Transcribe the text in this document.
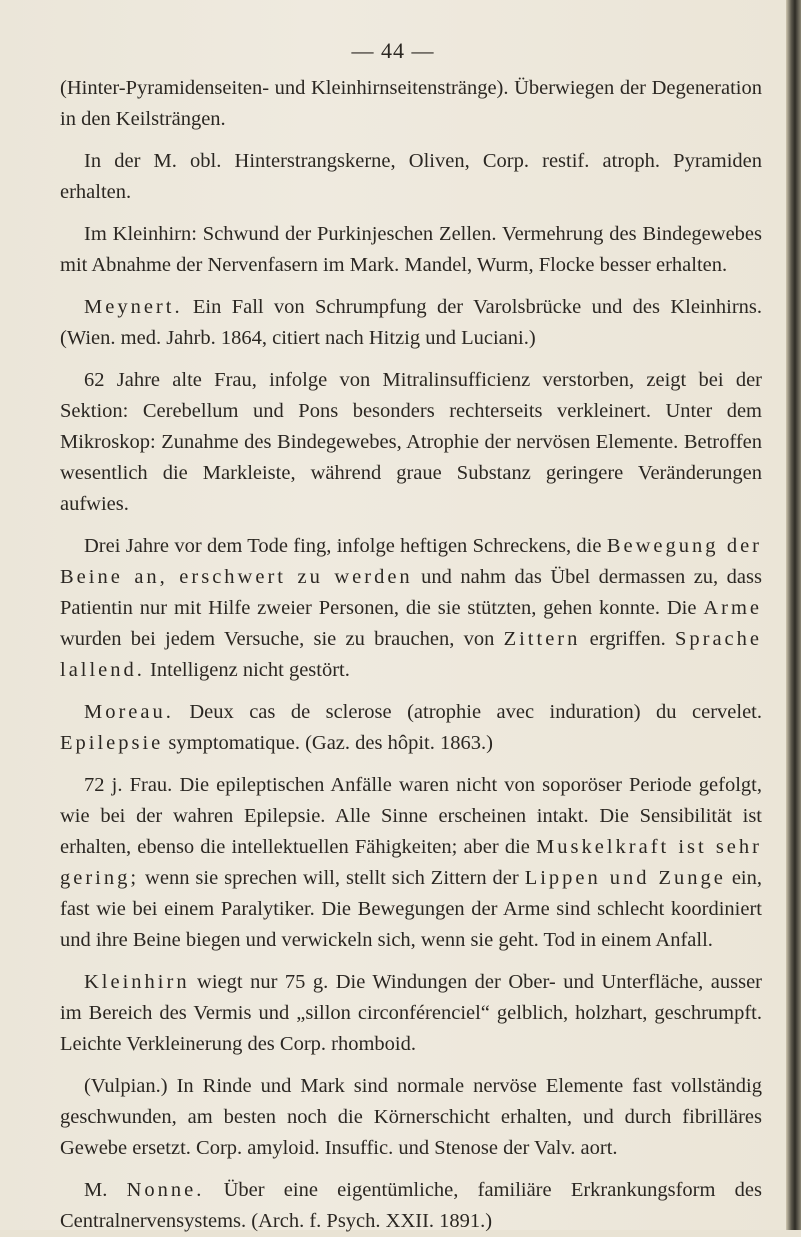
— 44 —

(Hinter-Pyramidenseiten- und Kleinhirnseitenstränge). Überwiegen der Degeneration in den Keilsträngen.

In der M. obl. Hinterstrangskerne, Oliven, Corp. restif. atroph. Pyramiden erhalten.

Im Kleinhirn: Schwund der Purkinjeschen Zellen. Vermehrung des Bindegewebes mit Abnahme der Nervenfasern im Mark. Mandel, Wurm, Flocke besser erhalten.

Meynert. Ein Fall von Schrumpfung der Varolsbrücke und des Kleinhirns. (Wien. med. Jahrb. 1864, citiert nach Hitzig und Luciani.)

62 Jahre alte Frau, infolge von Mitralinsufficienz verstorben, zeigt bei der Sektion: Cerebellum und Pons besonders rechterseits verkleinert. Unter dem Mikroskop: Zunahme des Bindegewebes, Atrophie der nervösen Elemente. Betroffen wesentlich die Markleiste, während graue Substanz geringere Veränderungen aufwies.

Drei Jahre vor dem Tode fing, infolge heftigen Schreckens, die Bewegung der Beine an, erschwert zu werden und nahm das Übel dermassen zu, dass Patientin nur mit Hilfe zweier Personen, die sie stützten, gehen konnte. Die Arme wurden bei jedem Versuche, sie zu brauchen, von Zittern ergriffen. Sprache lallend. Intelligenz nicht gestört.

Moreau. Deux cas de sclerose (atrophie avec induration) du cervelet. Epilepsie symptomatique. (Gaz. des hôpit. 1863.)

72 j. Frau. Die epileptischen Anfälle waren nicht von soporöser Periode gefolgt, wie bei der wahren Epilepsie. Alle Sinne erscheinen intakt. Die Sensibilität ist erhalten, ebenso die intellektuellen Fähigkeiten; aber die Muskelkraft ist sehr gering; wenn sie sprechen will, stellt sich Zittern der Lippen und Zunge ein, fast wie bei einem Paralytiker. Die Bewegungen der Arme sind schlecht koordiniert und ihre Beine biegen und verwickeln sich, wenn sie geht. Tod in einem Anfall.

Kleinhirn wiegt nur 75 g. Die Windungen der Ober- und Unterfläche, ausser im Bereich des Vermis und „sillon circonférenciel“ gelblich, holzhart, geschrumpft. Leichte Verkleinerung des Corp. rhomboid.

(Vulpian.) In Rinde und Mark sind normale nervöse Elemente fast vollständig geschwunden, am besten noch die Körnerschicht erhalten, und durch fibrilläres Gewebe ersetzt. Corp. amyloid. Insuffic. und Stenose der Valv. aort.

M. Nonne. Über eine eigentümliche, familiäre Erkrankungsform des Centralnervensystems. (Arch. f. Psych. XXII. 1891.)
